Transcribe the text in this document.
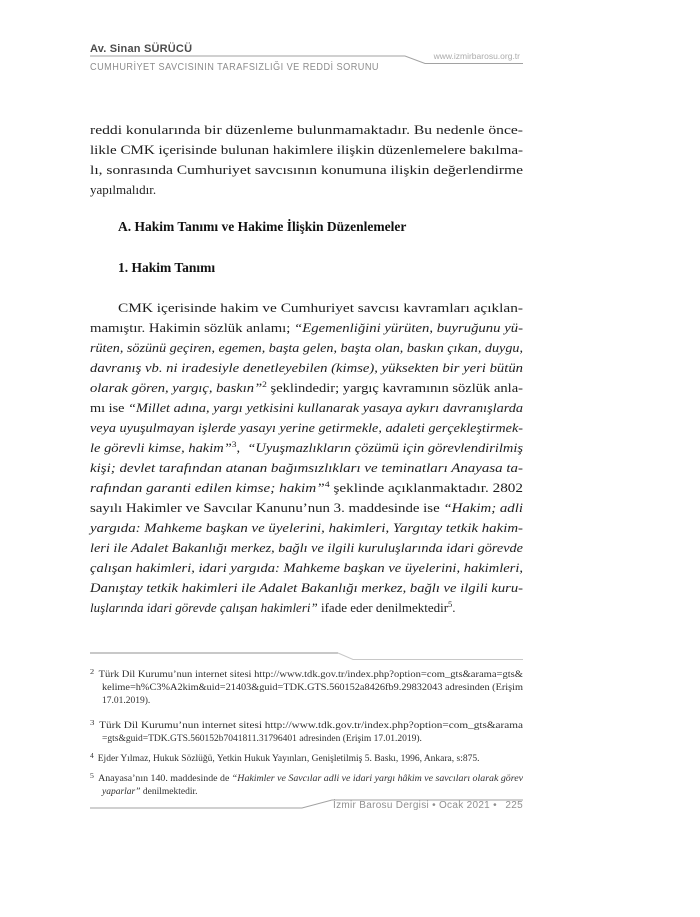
Av. Sinan SÜRÜCÜ
www.izmirbarosu.org.tr
CUMHURİYET SAVCISININ TARAFSIZLIĞI VE REDDİ SORUNU
reddi konularında bir düzenleme bulunmamaktadır. Bu nedenle önce-
likle CMK içerisinde bulunan hakimlere ilişkin düzenlemelere bakılma-
lı, sonrasında Cumhuriyet savcısının konumuna ilişkin değerlendirme
yapılmalıdır.
A. Hakim Tanımı ve Hakime İlişkin Düzenlemeler
1. Hakim Tanımı
CMK içerisinde hakim ve Cumhuriyet savcısı kavramları açıklan-
mamıştır. Hakimin sözlük anlamı; “Egemenliğini yürüten, buyruğunu yü-
rüten, sözünü geçiren, egemen, başta gelen, başta olan, baskın çıkan, duygu,
davranış vb. ni iradesiyle denetleyebilen (kimse), yüksekten bir yeri bütün
olarak gören, yargıç, baskın”$^2$ şeklindedir; yargıç kavramının sözlük anla-
mı ise “Millet adına, yargı yetkisini kullanarak yasaya aykırı davranışlarda
veya uyuşulmayan işlerde yasayı yerine getirmekle, adaleti gerçekleştirmek-
le görevli kimse, hakim”$^3$,  “Uyuşmazlıkların çözümü için görevlendirilmiş
kişi; devlet tarafından atanan bağımsızlıkları ve teminatları Anayasa ta-
rafından garanti edilen kimse; hakim”$^4$ şeklinde açıklanmaktadır. 2802
sayılı Hakimler ve Savcılar Kanunu’nun 3. maddesinde ise “Hakim; adli
yargıda: Mahkeme başkan ve üyelerini, hakimleri, Yargıtay tetkik hakim-
leri ile Adalet Bakanlığı merkez, bağlı ve ilgili kuruluşlarında idari görevde
çalışan hakimleri, idari yargıda: Mahkeme başkan ve üyelerini, hakimleri,
Danıştay tetkik hakimleri ile Adalet Bakanlığı merkez, bağlı ve ilgili kuru-
luşlarında idari görevde çalışan hakimleri” ifade eder denilmektedir$^5$.
$^2$ Türk Dil Kurumu’nun internet sitesi http://www.tdk.gov.tr/index.php?option=com_gts&arama=gts&
kelime=h%C3%A2kim&uid=21403&guid=TDK.GTS.560152a8426fb9.29832043 adresinden (Erişim
17.01.2019).
$^3$ Türk Dil Kurumu’nun internet sitesi http://www.tdk.gov.tr/index.php?option=com_gts&arama
=gts&guid=TDK.GTS.560152b7041811.31796401 adresinden (Erişim 17.01.2019).
$^4$ Ejder Yılmaz, Hukuk Sözlüğü, Yetkin Hukuk Yayınları, Genişletilmiş 5. Baskı, 1996, Ankara, s:875.
$^5$ Anayasa’nın 140. maddesinde de “Hakimler ve Savcılar adli ve idari yargı hâkim ve savcıları olarak görev
yaparlar” denilmektedir.
İzmir Barosu Dergisi • Ocak 2021 • 225
